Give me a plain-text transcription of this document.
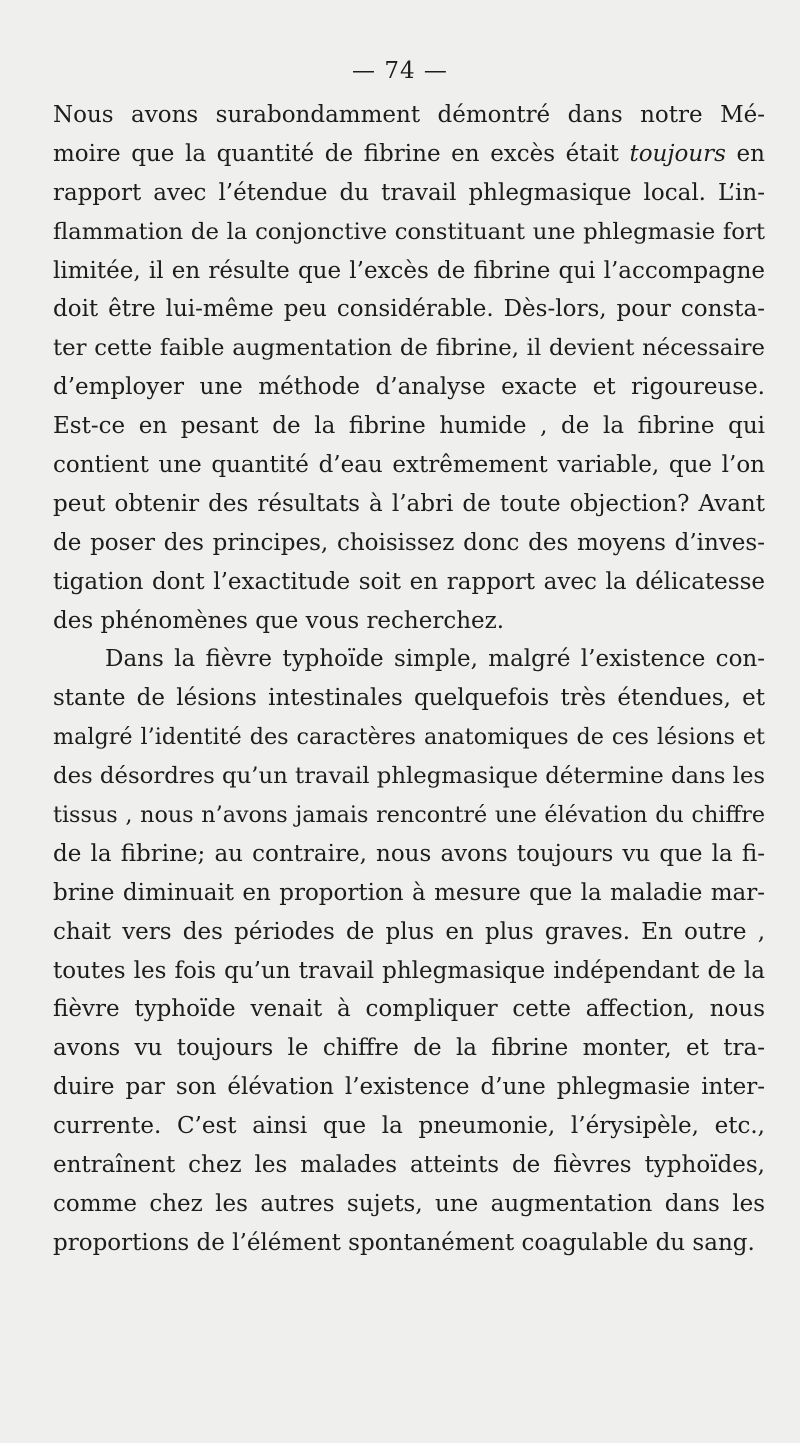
— 74 —
Nous avons surabondamment démontré dans notre Mé-
moire que la quantité de fibrine en excès était toujours en
rapport avec l’étendue du travail phlegmasique local. L’in-
flammation de la conjonctive constituant une phlegmasie fort
limitée, il en résulte que l’excès de fibrine qui l’accompagne
doit être lui-même peu considérable. Dès-lors, pour consta-
ter cette faible augmentation de fibrine, il devient nécessaire
d’employer une méthode d’analyse exacte et rigoureuse.
Est-ce en pesant de la fibrine humide , de la fibrine qui
contient une quantité d’eau extrêmement variable, que l’on
peut obtenir des résultats à l’abri de toute objection? Avant
de poser des principes, choisissez donc des moyens d’inves-
tigation dont l’exactitude soit en rapport avec la délicatesse
des phénomènes que vous recherchez.
Dans la fièvre typhoïde simple, malgré l’existence con-
stante de lésions intestinales quelquefois très étendues, et
malgré l’identité des caractères anatomiques de ces lésions et
des désordres qu’un travail phlegmasique détermine dans les
tissus , nous n’avons jamais rencontré une élévation du chiffre
de la fibrine; au contraire, nous avons toujours vu que la fi-
brine diminuait en proportion à mesure que la maladie mar-
chait vers des périodes de plus en plus graves. En outre ,
toutes les fois qu’un travail phlegmasique indépendant de la
fièvre typhoïde venait à compliquer cette affection, nous
avons vu toujours le chiffre de la fibrine monter, et tra-
duire par son élévation l’existence d’une phlegmasie inter-
currente. C’est ainsi que la pneumonie, l’érysipèle, etc.,
entraînent chez les malades atteints de fièvres typhoïdes,
comme chez les autres sujets, une augmentation dans les
proportions de l’élément spontanément coagulable du sang.
